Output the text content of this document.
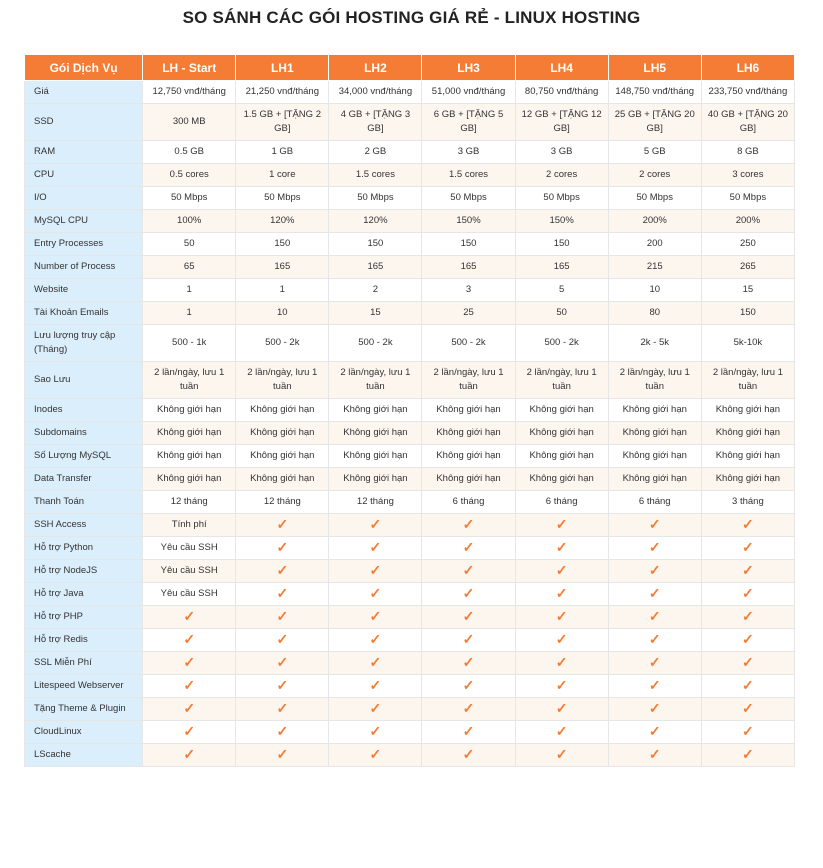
SO SÁNH CÁC GÓI HOSTING GIÁ RẺ - LINUX HOSTING
Gói Dịch Vụ	LH - Start	LH1	LH2	LH3	LH4	LH5	LH6
Giá	12,750 vnđ/tháng	21,250 vnđ/tháng	34,000 vnđ/tháng	51,000 vnđ/tháng	80,750 vnđ/tháng	148,750 vnđ/tháng	233,750 vnđ/tháng
SSD	300 MB	1.5 GB + [TẶNG 2 GB]	4 GB + [TẶNG 3 GB]	6 GB + [TẶNG 5 GB]	12 GB + [TẶNG 12 GB]	25 GB + [TẶNG 20 GB]	40 GB + [TẶNG 20 GB]
RAM	0.5 GB	1 GB	2 GB	3 GB	3 GB	5 GB	8 GB
CPU	0.5 cores	1 core	1.5 cores	1.5 cores	2 cores	2 cores	3 cores
I/O	50 Mbps	50 Mbps	50 Mbps	50 Mbps	50 Mbps	50 Mbps	50 Mbps
MySQL CPU	100%	120%	120%	150%	150%	200%	200%
Entry Processes	50	150	150	150	150	200	250
Number of Process	65	165	165	165	165	215	265
Website	1	1	2	3	5	10	15
Tài Khoản Emails	1	10	15	25	50	80	150
Lưu lượng truy cập (Tháng)	500 - 1k	500 - 2k	500 - 2k	500 - 2k	500 - 2k	2k - 5k	5k-10k
Sao Lưu	2 lần/ngày, lưu 1 tuần	2 lần/ngày, lưu 1 tuần	2 lần/ngày, lưu 1 tuần	2 lần/ngày, lưu 1 tuần	2 lần/ngày, lưu 1 tuần	2 lần/ngày, lưu 1 tuần	2 lần/ngày, lưu 1 tuần
Inodes	Không giới hạn	Không giới hạn	Không giới hạn	Không giới hạn	Không giới hạn	Không giới hạn	Không giới hạn
Subdomains	Không giới hạn	Không giới hạn	Không giới hạn	Không giới hạn	Không giới hạn	Không giới hạn	Không giới hạn
Số Lượng MySQL	Không giới hạn	Không giới hạn	Không giới hạn	Không giới hạn	Không giới hạn	Không giới hạn	Không giới hạn
Data Transfer	Không giới hạn	Không giới hạn	Không giới hạn	Không giới hạn	Không giới hạn	Không giới hạn	Không giới hạn
Thanh Toán	12 tháng	12 tháng	12 tháng	6 tháng	6 tháng	6 tháng	3 tháng
SSH Access	Tính phí	✓	✓	✓	✓	✓	✓
Hỗ trợ Python	Yêu cầu SSH	✓	✓	✓	✓	✓	✓
Hỗ trợ NodeJS	Yêu cầu SSH	✓	✓	✓	✓	✓	✓
Hỗ trợ Java	Yêu cầu SSH	✓	✓	✓	✓	✓	✓
Hỗ trợ PHP	✓	✓	✓	✓	✓	✓	✓
Hỗ trợ Redis	✓	✓	✓	✓	✓	✓	✓
SSL Miễn Phí	✓	✓	✓	✓	✓	✓	✓
Litespeed Webserver	✓	✓	✓	✓	✓	✓	✓
Tặng Theme & Plugin	✓	✓	✓	✓	✓	✓	✓
CloudLinux	✓	✓	✓	✓	✓	✓	✓
LScache	✓	✓	✓	✓	✓	✓	✓
